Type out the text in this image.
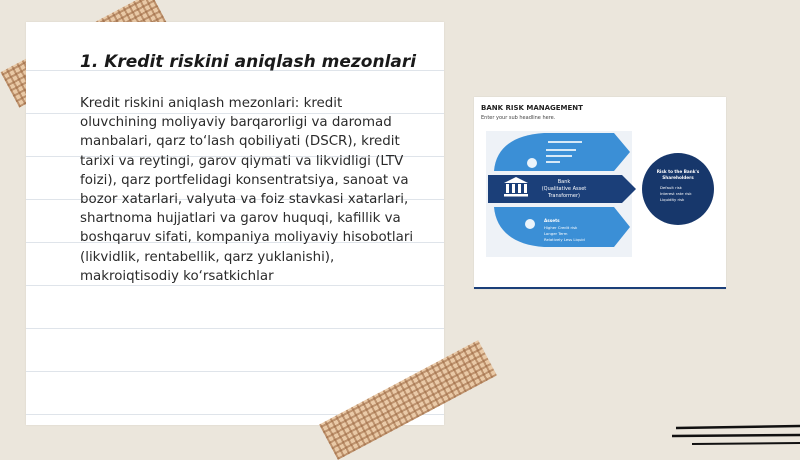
1. Kredit riskini aniqlash mezonlari

Kredit riskini aniqlash mezonlari: kredit oluvchining moliyaviy barqarorligi va daromad manbalari, qarz to‘lash qobiliyati (DSCR), kredit tarixi va reytingi, garov qiymati va likvidligi (LTV foizi), qarz portfelidagi konsentratsiya, sanoat va bozor xatarlari, valyuta va foiz stavkasi xatarlari, shartnoma hujjatlari va garov huquqi, kafillik va boshqaruv sifati, kompaniya moliyaviy hisobotlari (likvidlik, rentabellik, qarz yuklanishi), makroiqtisodiy ko‘rsatkichlar

BANK RISK MANAGEMENT

Enter your sub headline here.

Bank
(Qualitative Asset
Transformer)
Assets
Higher Credit risk
Longer Term
Relatively Less Liquid
Risk to the Bank's
Shareholders
Default risk
Interest rate risk
Liquidity risk
